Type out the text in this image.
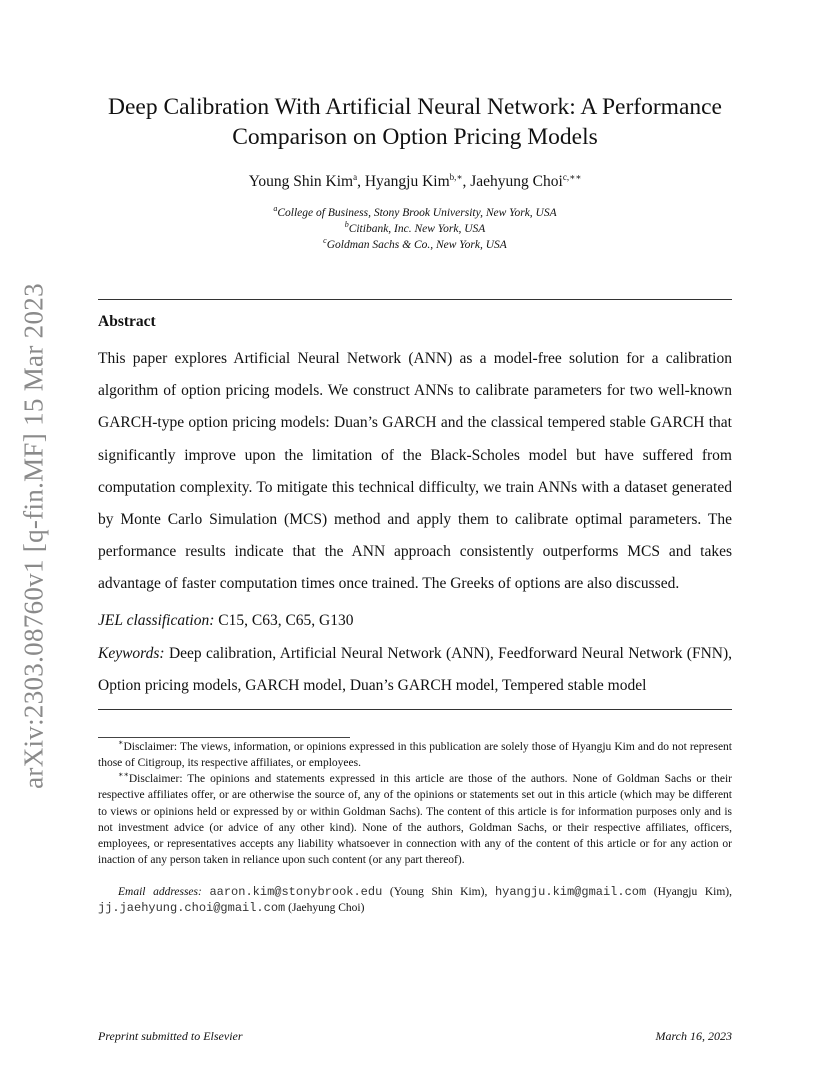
arXiv:2303.08760v1 [q-fin.MF] 15 Mar 2023
Deep Calibration With Artificial Neural Network: A Performance
Comparison on Option Pricing Models
Young Shin Kim$^a$, Hyangju Kim$^{b,∗}$, Jaehyung Choi$^{c,∗∗}$
$^a$College of Business, Stony Brook University, New York, USA
$^b$Citibank, Inc. New York, USA
$^c$Goldman Sachs & Co., New York, USA
Abstract

This paper explores Artificial Neural Network (ANN) as a model-free solution for a calibration algorithm of option pricing models. We construct ANNs to calibrate parameters for two well-known GARCH-type option pricing models: Duan’s GARCH and the classical tempered stable GARCH that significantly improve upon the limitation of the Black-Scholes model but have suffered from computation complexity. To mitigate this technical difficulty, we train ANNs with a dataset generated by Monte Carlo Simulation (MCS) method and apply them to calibrate optimal parameters. The performance results indicate that the ANN approach consistently outperforms MCS and takes advantage of faster computation times once trained. The Greeks of options are also discussed.

JEL classification: C15, C63, C65, G130
Keywords: Deep calibration, Artificial Neural Network (ANN), Feedforward Neural Network (FNN), Option pricing models, GARCH model, Duan’s GARCH model, Tempered stable model
∗Disclaimer: The views, information, or opinions expressed in this publication are solely those of Hyangju Kim and do not represent those of Citigroup, its respective affiliates, or employees.
∗∗Disclaimer: The opinions and statements expressed in this article are those of the authors. None of Goldman Sachs or their respective affiliates offer, or are otherwise the source of, any of the opinions or statements set out in this article (which may be different to views or opinions held or expressed by or within Goldman Sachs). The content of this article is for information purposes only and is not investment advice (or advice of any other kind). None of the authors, Goldman Sachs, or their respective affiliates, officers, employees, or representatives accepts any liability whatsoever in connection with any of the content of this article or for any action or inaction of any person taken in reliance upon such content (or any part thereof).
Email addresses: aaron.kim@stonybrook.edu (Young Shin Kim), hyangju.kim@gmail.com (Hyangju Kim), jj.jaehyung.choi@gmail.com (Jaehyung Choi)
Preprint submitted to Elsevier	March 16, 2023
